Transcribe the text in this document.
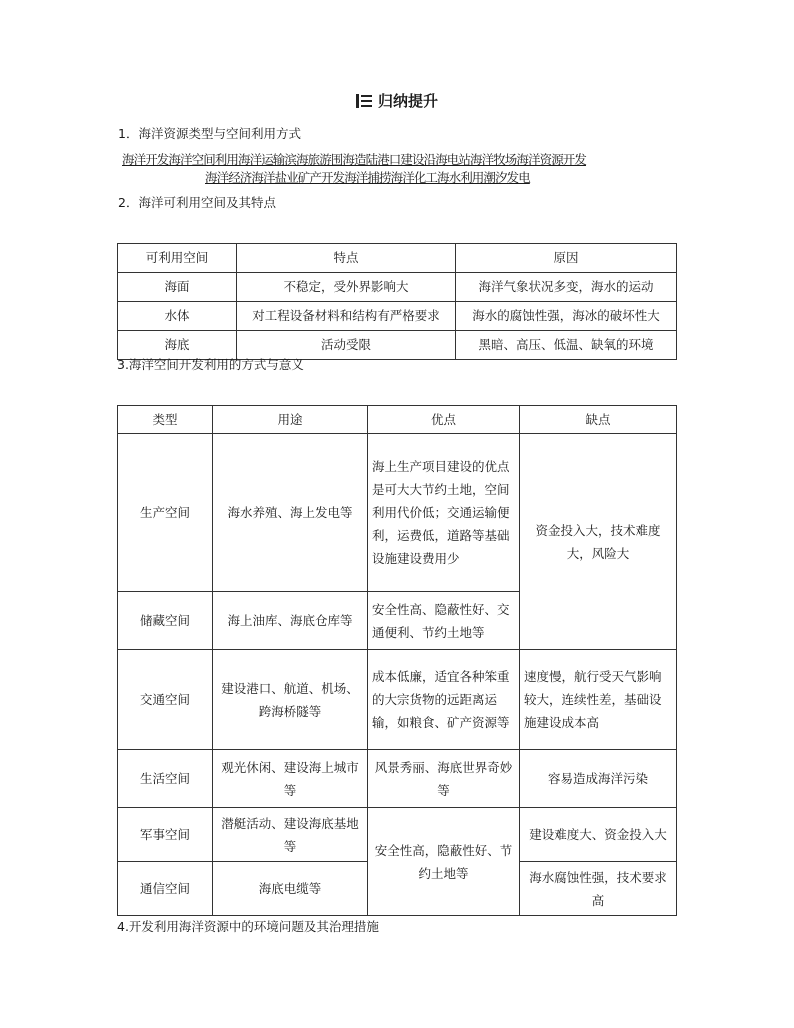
归纳提升
1．海洋资源类型与空间利用方式
海洋开发海洋空间利用海洋运输滨海旅游围海造陆港口建设沿海电站海洋牧场海洋资源开发
海洋经济海洋盐业矿产开发海洋捕捞海洋化工海水利用潮汐发电
2．海洋可利用空间及其特点
可利用空间	特点	原因
海面	不稳定，受外界影响大	海洋气象状况多变，海水的运动
水体	对工程设备材料和结构有严格要求	海水的腐蚀性强，海冰的破坏性大
海底	活动受限	黑暗、高压、低温、缺氧的环境
3.海洋空间开发利用的方式与意义
类型	用途	优点	缺点
生产空间	海水养殖、海上发电等	海上生产项目建设的优点是可大大节约土地，空间利用代价低；交通运输便利，运费低，道路等基础设施建设费用少	资金投入大，技术难度大，风险大
储藏空间	海上油库、海底仓库等	安全性高、隐蔽性好、交通便利、节约土地等	
交通空间	建设港口、航道、机场、跨海桥隧等	成本低廉，适宜各种笨重的大宗货物的远距离运输，如粮食、矿产资源等	速度慢，航行受天气影响较大，连续性差，基础设施建设成本高
生活空间	观光休闲、建设海上城市等	风景秀丽、海底世界奇妙等	容易造成海洋污染
军事空间	潜艇活动、建设海底基地等	安全性高，隐蔽性好、节约土地等	建设难度大、资金投入大
通信空间	海底电缆等		海水腐蚀性强，技术要求高
4.开发利用海洋资源中的环境问题及其治理措施
